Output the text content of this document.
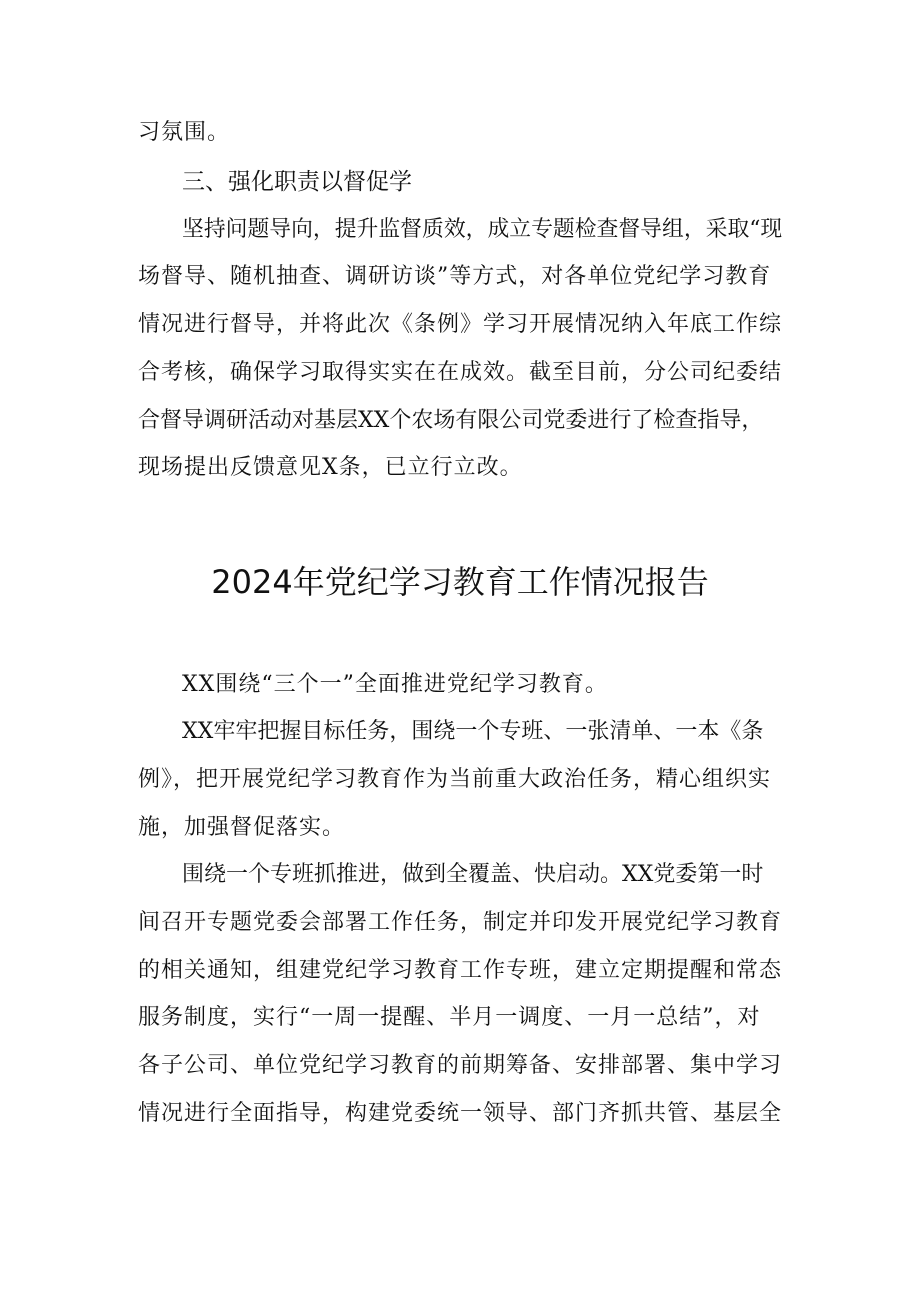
习氛围。
三、强化职责以督促学
坚持问题导向，提升监督质效，成立专题检查督导组，采取“现
场督导、随机抽查、调研访谈”等方式，对各单位党纪学习教育
情况进行督导，并将此次《条例》学习开展情况纳入年底工作综
合考核，确保学习取得实实在在成效。截至目前，分公司纪委结
合督导调研活动对基层XX个农场有限公司党委进行了检查指导，
现场提出反馈意见X条，已立行立改。
2024年党纪学习教育工作情况报告
XX围绕“三个一”全面推进党纪学习教育。
XX牢牢把握目标任务，围绕一个专班、一张清单、一本《条
例》，把开展党纪学习教育作为当前重大政治任务，精心组织实
施，加强督促落实。
围绕一个专班抓推进，做到全覆盖、快启动。XX党委第一时
间召开专题党委会部署工作任务，制定并印发开展党纪学习教育
的相关通知，组建党纪学习教育工作专班，建立定期提醒和常态
服务制度，实行“一周一提醒、半月一调度、一月一总结”，对
各子公司、单位党纪学习教育的前期筹备、安排部署、集中学习
情况进行全面指导，构建党委统一领导、部门齐抓共管、基层全
